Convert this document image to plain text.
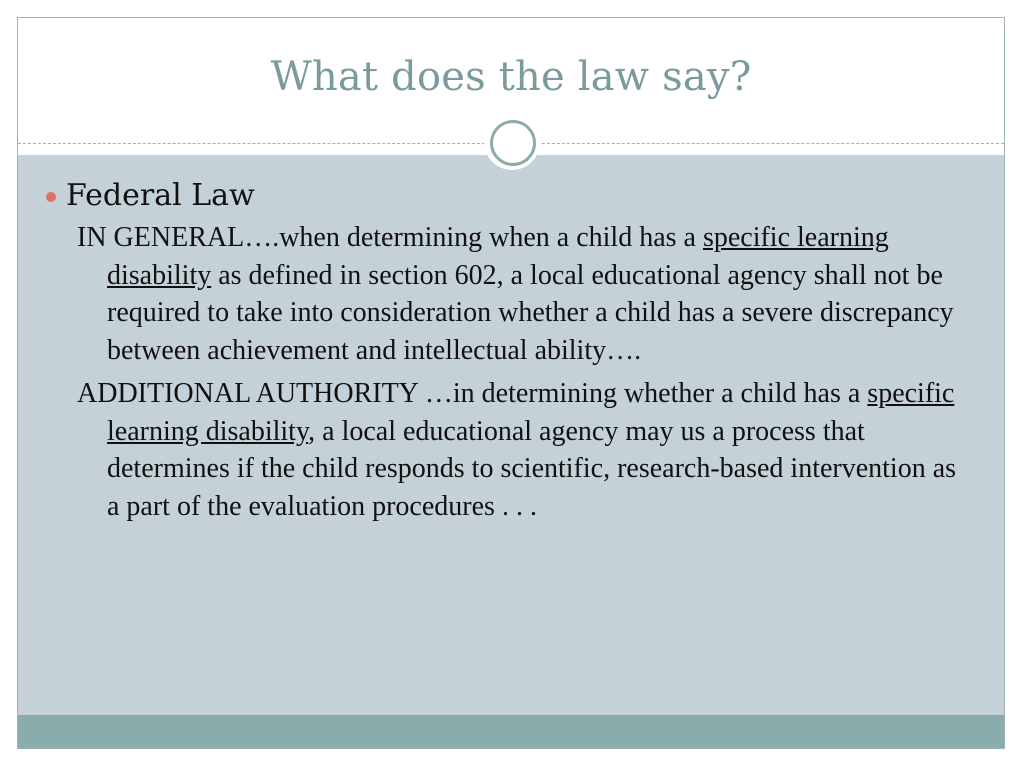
What does the law say?
Federal Law

IN GENERAL….when determining when a child has a specific learning disability as defined in section 602, a local educational agency shall not be required to take into consideration whether a child has a severe discrepancy between achievement and intellectual ability….

ADDITIONAL AUTHORITY …in determining whether a child has a specific learning disability, a local educational agency may us a process that determines if the child responds to scientific, research-based intervention as a part of the evaluation procedures . . .
